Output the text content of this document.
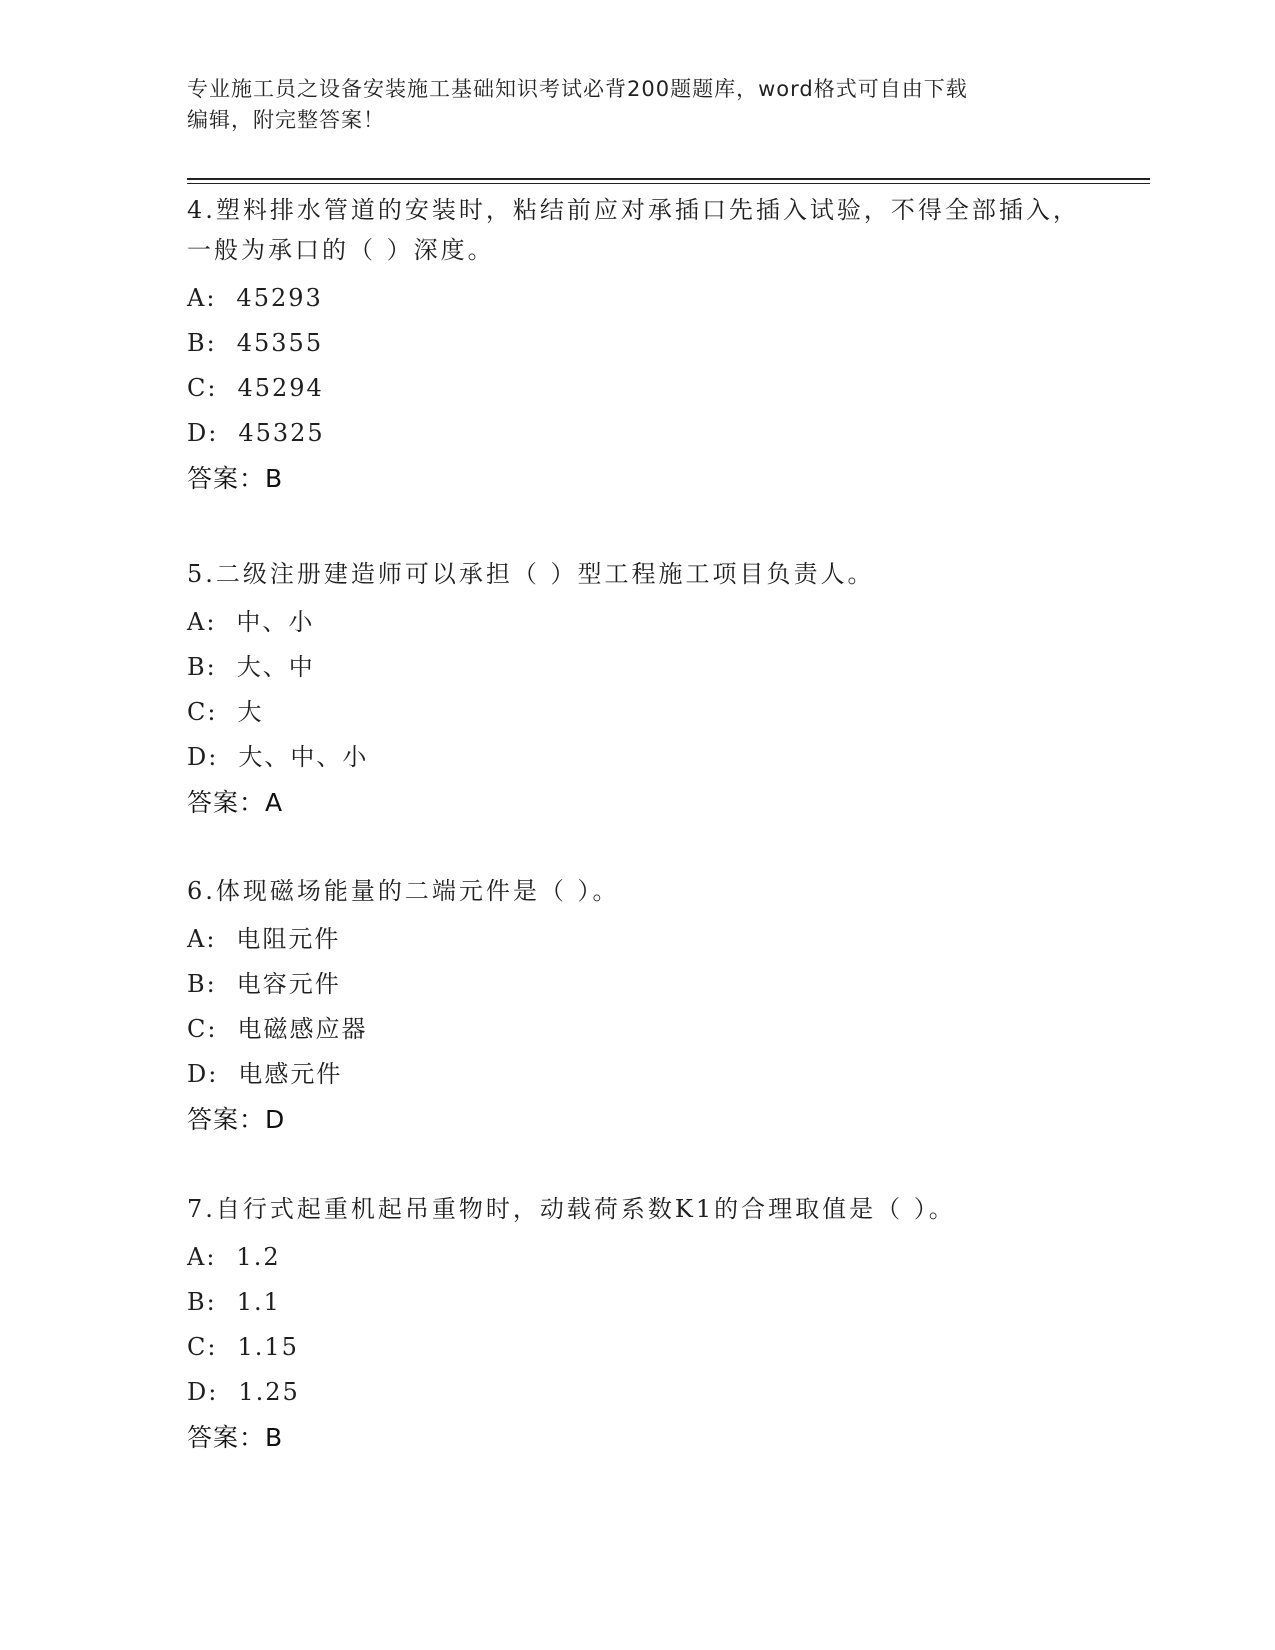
专业施工员之设备安装施工基础知识考试必背200题题库，word格式可自由下载
编辑，附完整答案！
4.塑料排水管道的安装时，粘结前应对承插口先插入试验，不得全部插入，一般为承口的（ ）深度。
A: 45293
B: 45355
C: 45294
D: 45325
答案：B
5.二级注册建造师可以承担（ ）型工程施工项目负责人。
A: 中、小
B: 大、中
C: 大
D: 大、中、小
答案：A
6.体现磁场能量的二端元件是（ ）。
A: 电阻元件
B: 电容元件
C: 电磁感应器
D: 电感元件
答案：D
7.自行式起重机起吊重物时，动载荷系数K1的合理取值是（ ）。
A: 1.2
B: 1.1
C: 1.15
D: 1.25
答案：B
